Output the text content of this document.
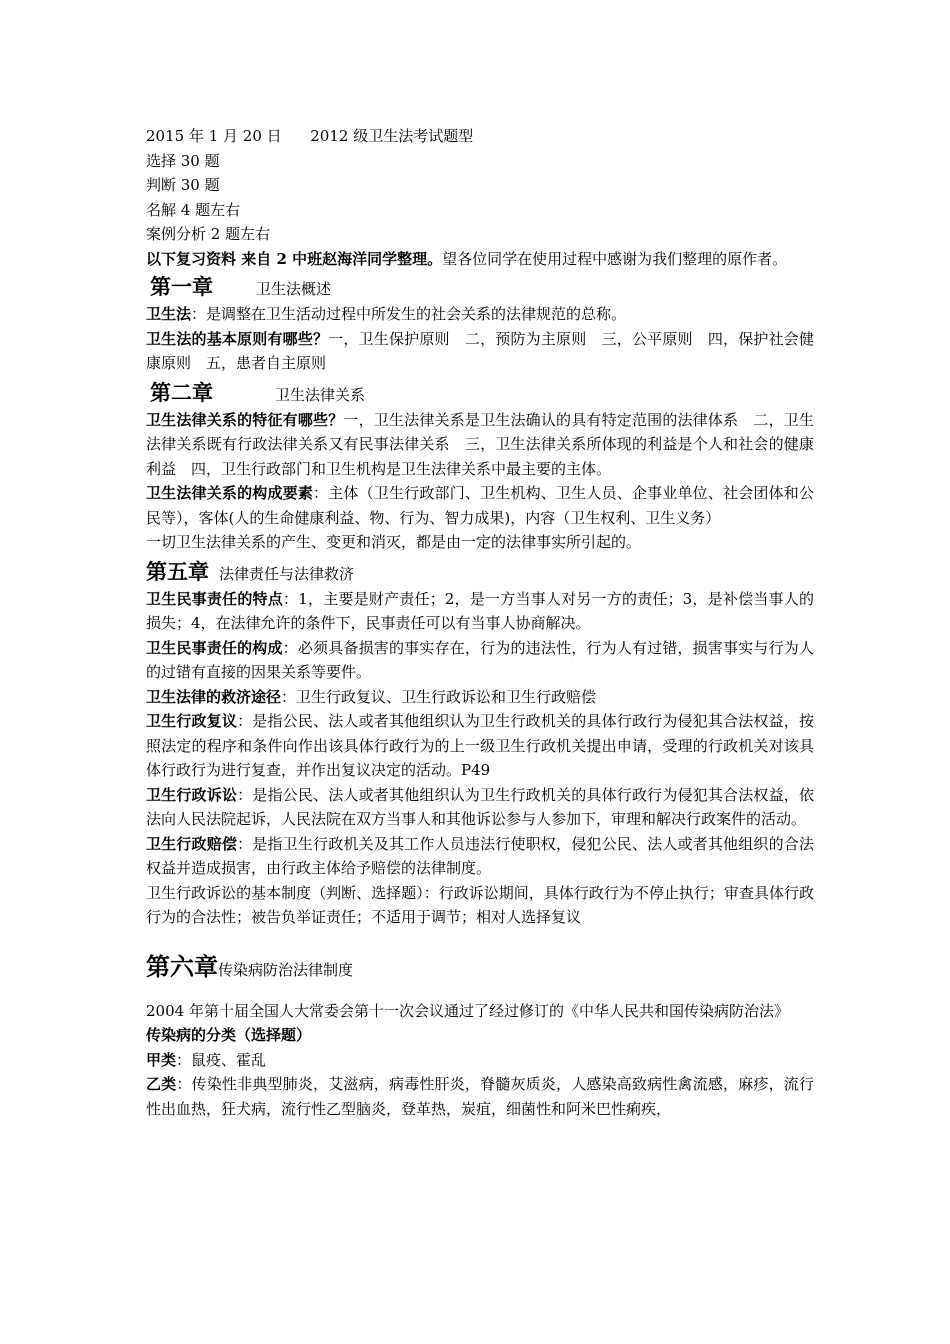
2015 年 1 月 20 日 2012 级卫生法考试题型
选择 30 题
判断 30 题
名解 4 题左右
案例分析 2 题左右

以下复习资料 来自 2 中班赵海洋同学整理。望各位同学在使用过程中感谢为我们整理的原作者。

第一章	卫生法概述

卫生法：是调整在卫生活动过程中所发生的社会关系的法律规范的总称。

卫生法的基本原则有哪些？一，卫生保护原则　二，预防为主原则　三，公平原则　四，保护社会健康原则　五，患者自主原则

第二章	卫生法律关系

卫生法律关系的特征有哪些？一，卫生法律关系是卫生法确认的具有特定范围的法律体系　二，卫生法律关系既有行政法律关系又有民事法律关系　三，卫生法律关系所体现的利益是个人和社会的健康利益　四，卫生行政部门和卫生机构是卫生法律关系中最主要的主体。

卫生法律关系的构成要素：主体（卫生行政部门、卫生机构、卫生人员、企事业单位、社会团体和公民等），客体(人的生命健康利益、物、行为、智力成果)，内容（卫生权利、卫生义务）

一切卫生法律关系的产生、变更和消灭，都是由一定的法律事实所引起的。

第五章 法律责任与法律救济

卫生民事责任的特点：1，主要是财产责任；2，是一方当事人对另一方的责任；3，是补偿当事人的损失；4，在法律允许的条件下，民事责任可以有当事人协商解决。

卫生民事责任的构成：必须具备损害的事实存在，行为的违法性，行为人有过错，损害事实与行为人的过错有直接的因果关系等要件。

卫生法律的救济途径：卫生行政复议、卫生行政诉讼和卫生行政赔偿

卫生行政复议：是指公民、法人或者其他组织认为卫生行政机关的具体行政行为侵犯其合法权益，按照法定的程序和条件向作出该具体行政行为的上一级卫生行政机关提出申请，受理的行政机关对该具体行政行为进行复查，并作出复议决定的活动。P49

卫生行政诉讼：是指公民、法人或者其他组织认为卫生行政机关的具体行政行为侵犯其合法权益，依法向人民法院起诉，人民法院在双方当事人和其他诉讼参与人参加下，审理和解决行政案件的活动。

卫生行政赔偿：是指卫生行政机关及其工作人员违法行使职权，侵犯公民、法人或者其他组织的合法权益并造成损害，由行政主体给予赔偿的法律制度。

卫生行政诉讼的基本制度（判断、选择题）：行政诉讼期间，具体行政行为不停止执行；审查具体行政行为的合法性；被告负举证责任；不适用于调节；相对人选择复议

第六章传染病防治法律制度

2004 年第十届全国人大常委会第十一次会议通过了经过修订的《中华人民共和国传染病防治法》

传染病的分类（选择题）

甲类：鼠疫、霍乱

乙类：传染性非典型肺炎，艾滋病，病毒性肝炎，脊髓灰质炎，人感染高致病性禽流感，麻疹，流行性出血热，狂犬病，流行性乙型脑炎，登革热，炭疽，细菌性和阿米巴性痢疾，
